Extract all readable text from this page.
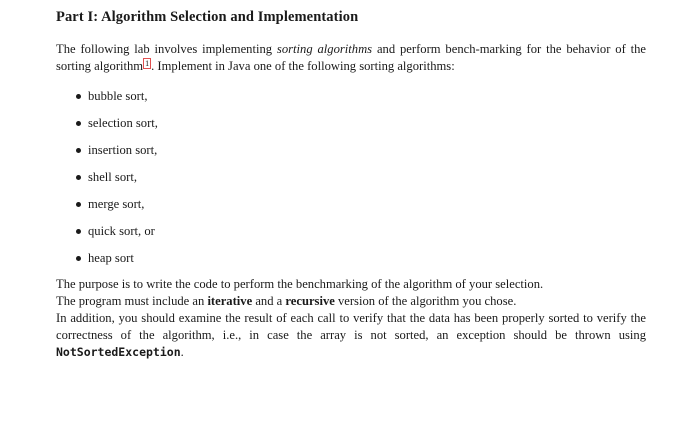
Part I: Algorithm Selection and Implementation

The following lab involves implementing sorting algorithms and perform bench-marking for the behavior of the sorting algorithm 1 . Implement in Java one of the following sorting algorithms:

bubble sort,
selection sort,
insertion sort,
shell sort,
merge sort,
quick sort, or
heap sort

The purpose is to write the code to perform the benchmarking of the algorithm of your selection.
The program must include an iterative and a recursive version of the algorithm you chose.
In addition, you should examine the result of each call to verify that the data has been properly sorted to verify the correctness of the algorithm, i.e., in case the array is not sorted, an exception should be thrown using NotSortedException.
